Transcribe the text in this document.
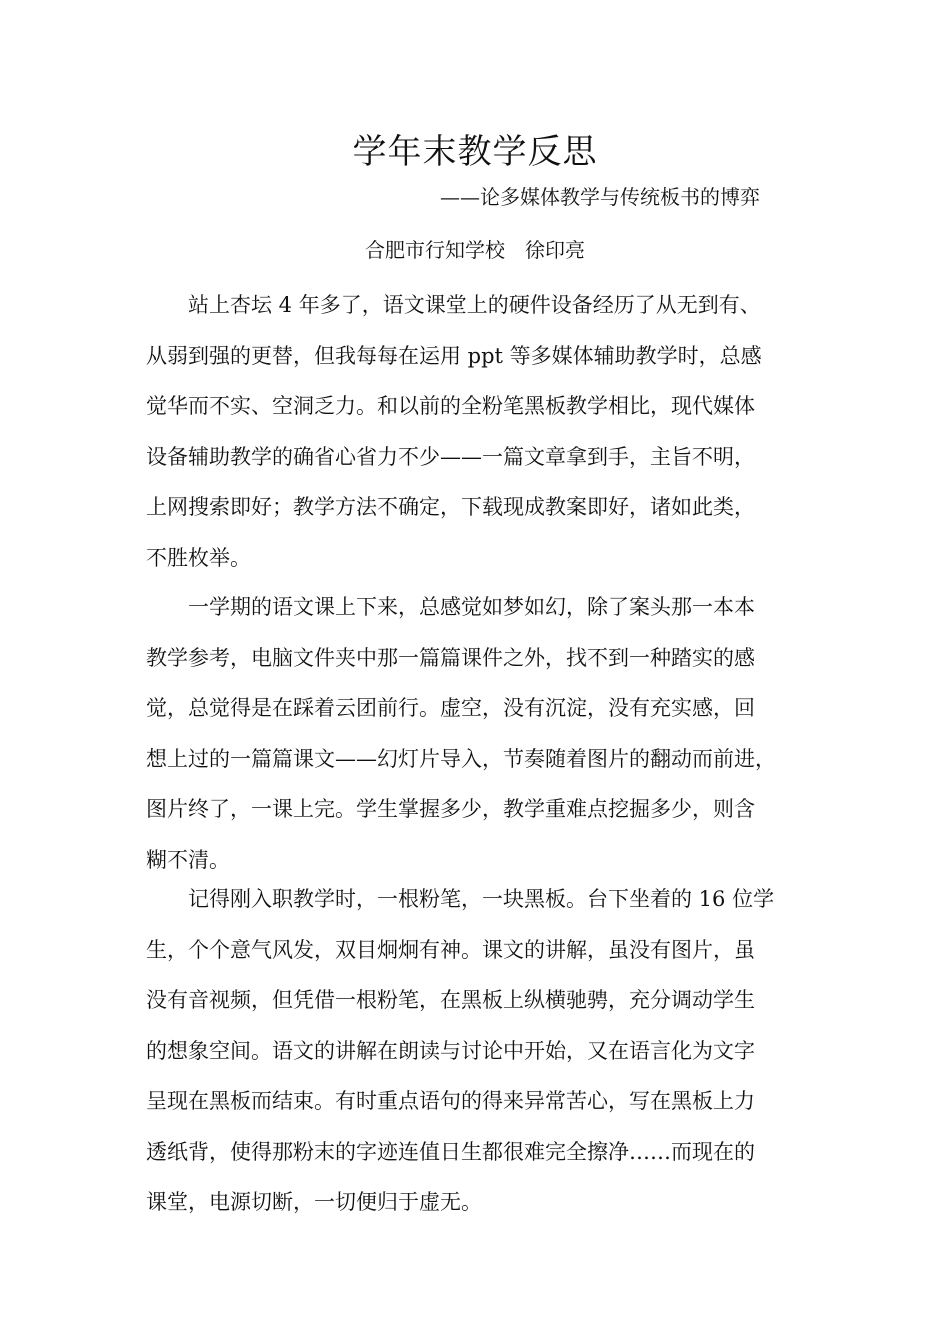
学年末教学反思
——论多媒体教学与传统板书的博弈
合肥市行知学校　徐印亮

站上杏坛 4 年多了，语文课堂上的硬件设备经历了从无到有、

从弱到强的更替，但我每每在运用 ppt 等多媒体辅助教学时，总感

觉华而不实、空洞乏力。和以前的全粉笔黑板教学相比，现代媒体

设备辅助教学的确省心省力不少——一篇文章拿到手，主旨不明，

上网搜索即好；教学方法不确定，下载现成教案即好，诸如此类，

不胜枚举。

一学期的语文课上下来，总感觉如梦如幻，除了案头那一本本

教学参考，电脑文件夹中那一篇篇课件之外，找不到一种踏实的感

觉，总觉得是在踩着云团前行。虚空，没有沉淀，没有充实感，回

想上过的一篇篇课文——幻灯片导入，节奏随着图片的翻动而前进，

图片终了，一课上完。学生掌握多少，教学重难点挖掘多少，则含

糊不清。

记得刚入职教学时，一根粉笔，一块黑板。台下坐着的 16 位学

生，个个意气风发，双目炯炯有神。课文的讲解，虽没有图片，虽

没有音视频，但凭借一根粉笔，在黑板上纵横驰骋，充分调动学生

的想象空间。语文的讲解在朗读与讨论中开始，又在语言化为文字

呈现在黑板而结束。有时重点语句的得来异常苦心，写在黑板上力

透纸背，使得那粉末的字迹连值日生都很难完全擦净……而现在的

课堂，电源切断，一切便归于虚无。
